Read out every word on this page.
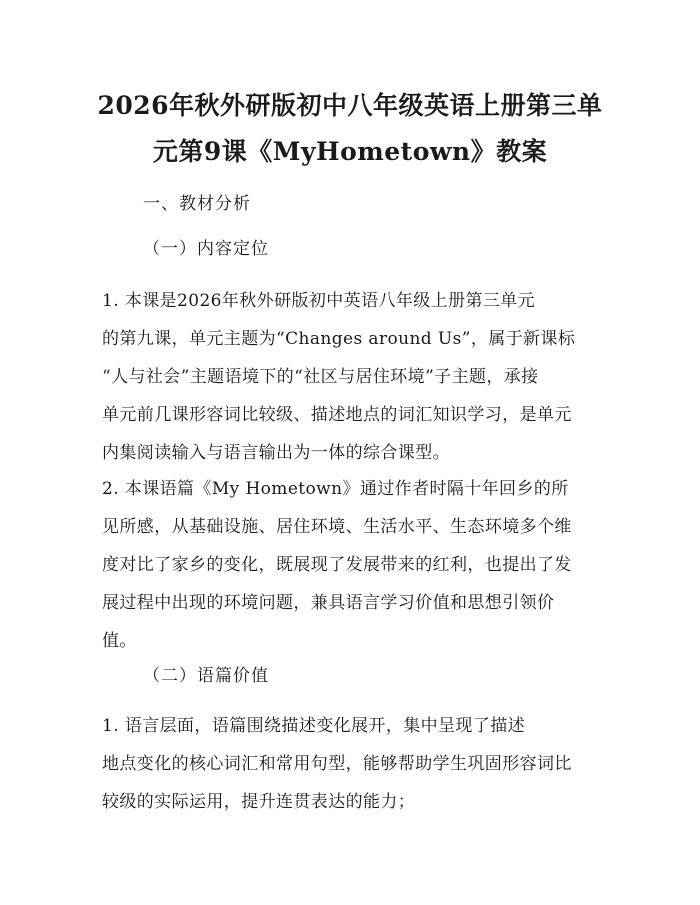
2026年秋外研版初中八年级英语上册第三单
元第9课《MyHometown》教案

一、教材分析

（一）内容定位

1. 本课是2026年秋外研版初中英语八年级上册第三单元
的第九课，单元主题为“Changes around Us”，属于新课标
“人与社会”主题语境下的“社区与居住环境”子主题，承接
单元前几课形容词比较级、描述地点的词汇知识学习，是单元
内集阅读输入与语言输出为一体的综合课型。
2. 本课语篇《My Hometown》通过作者时隔十年回乡的所
见所感，从基础设施、居住环境、生活水平、生态环境多个维
度对比了家乡的变化，既展现了发展带来的红利，也提出了发
展过程中出现的环境问题，兼具语言学习价值和思想引领价
值。

（二）语篇价值

1. 语言层面，语篇围绕描述变化展开，集中呈现了描述
地点变化的核心词汇和常用句型，能够帮助学生巩固形容词比
较级的实际运用，提升连贯表达的能力；
